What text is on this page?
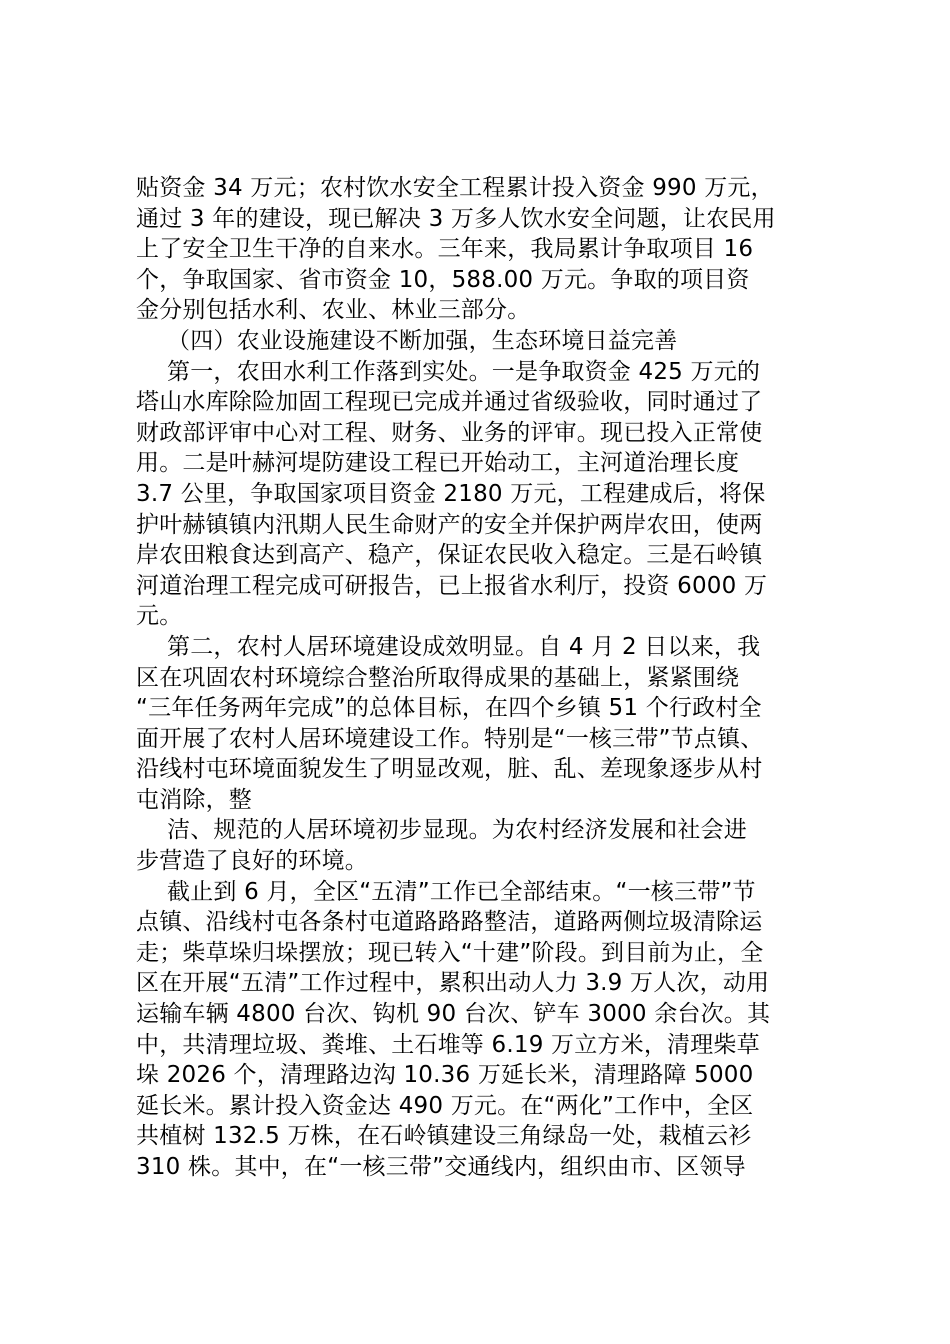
贴资金 34 万元；农村饮水安全工程累计投入资金 990 万元，
通过 3 年的建设，现已解决 3 万多人饮水安全问题，让农民用
上了安全卫生干净的自来水。三年来，我局累计争取项目 16
个，争取国家、省市资金 10，588.00 万元。争取的项目资
金分别包括水利、农业、林业三部分。
（四）农业设施建设不断加强，生态环境日益完善
第一，农田水利工作落到实处。一是争取资金 425 万元的
塔山水库除险加固工程现已完成并通过省级验收，同时通过了
财政部评审中心对工程、财务、业务的评审。现已投入正常使
用。二是叶赫河堤防建设工程已开始动工，主河道治理长度
3.7 公里，争取国家项目资金 2180 万元，工程建成后，将保
护叶赫镇镇内汛期人民生命财产的安全并保护两岸农田，使两
岸农田粮食达到高产、稳产，保证农民收入稳定。三是石岭镇
河道治理工程完成可研报告，已上报省水利厅，投资 6000 万
元。
第二，农村人居环境建设成效明显。自 4 月 2 日以来，我
区在巩固农村环境综合整治所取得成果的基础上，紧紧围绕
“三年任务两年完成”的总体目标，在四个乡镇 51 个行政村全
面开展了农村人居环境建设工作。特别是“一核三带”节点镇、
沿线村屯环境面貌发生了明显改观，脏、乱、差现象逐步从村
屯消除，整
洁、规范的人居环境初步显现。为农村经济发展和社会进
步营造了良好的环境。
截止到 6 月，全区“五清”工作已全部结束。“一核三带”节
点镇、沿线村屯各条村屯道路路路整洁，道路两侧垃圾清除运
走；柴草垛归垛摆放；现已转入“十建”阶段。到目前为止，全
区在开展“五清”工作过程中，累积出动人力 3.9 万人次，动用
运输车辆 4800 台次、钩机 90 台次、铲车 3000 余台次。其
中，共清理垃圾、粪堆、土石堆等 6.19 万立方米，清理柴草
垛 2026 个，清理路边沟 10.36 万延长米，清理路障 5000
延长米。累计投入资金达 490 万元。在“两化”工作中，全区
共植树 132.5 万株，在石岭镇建设三角绿岛一处，栽植云衫
310 株。其中，在“一核三带”交通线内，组织由市、区领导
